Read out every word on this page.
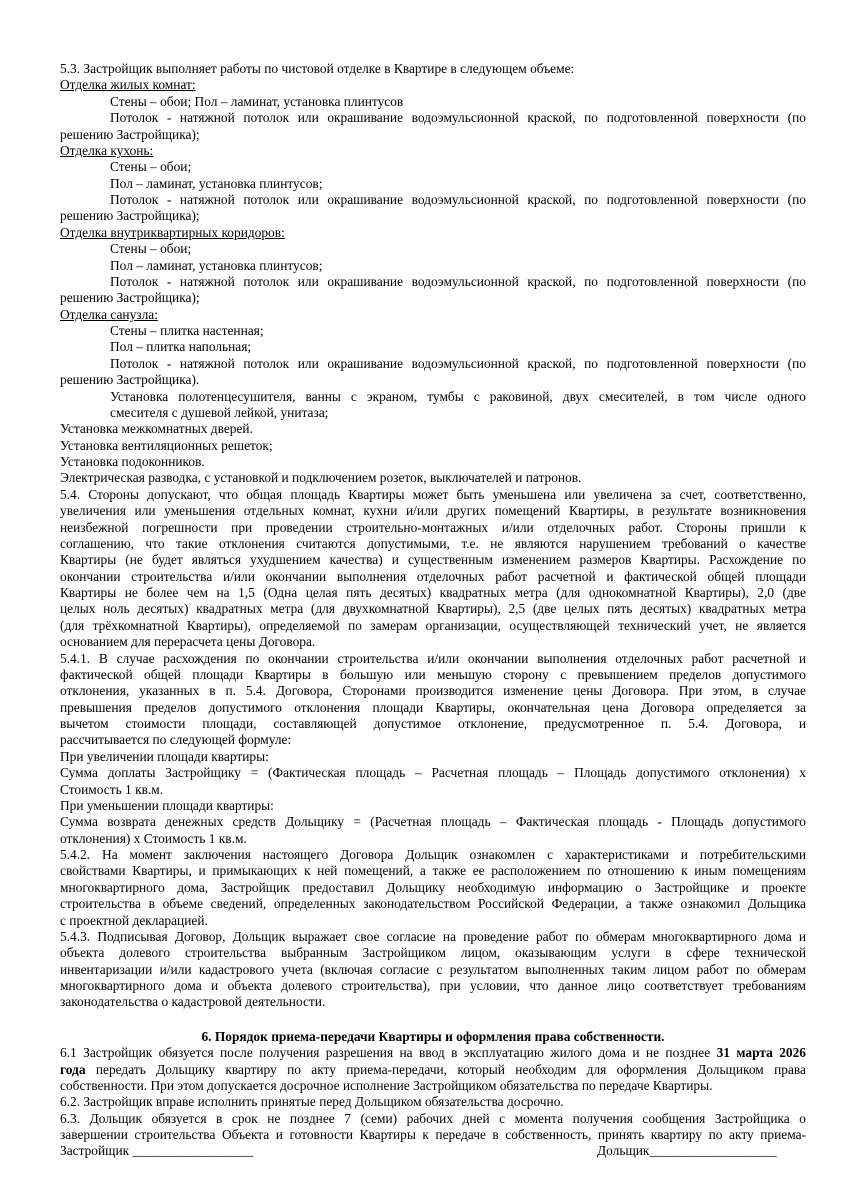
5.3. Застройщик выполняет работы по чистовой отделке в Квартире в следующем объеме:
Отделка жилых комнат:
Стены – обои; Пол – ламинат, установка плинтусов
Потолок - натяжной потолок или окрашивание водоэмульсионной краской, по подготовленной поверхности (по
решению Застройщика);
Отделка кухонь:
Стены – обои;
Пол – ламинат, установка плинтусов;
Потолок - натяжной потолок или окрашивание водоэмульсионной краской, по подготовленной поверхности (по
решению Застройщика);
Отделка внутриквартирных коридоров:
Стены – обои;
Пол – ламинат, установка плинтусов;
Потолок - натяжной потолок или окрашивание водоэмульсионной краской, по подготовленной поверхности (по
решению Застройщика);
Отделка санузла:
Стены – плитка настенная;
Пол – плитка напольная;
Потолок - натяжной потолок или окрашивание водоэмульсионной краской, по подготовленной поверхности (по
решению Застройщика).
Установка полотенцесушителя, ванны с экраном, тумбы с раковиной, двух смесителей, в том числе одного
смесителя с душевой лейкой, унитаза;
Установка межкомнатных дверей.
Установка вентиляционных решеток;
Установка подоконников.
Электрическая разводка, с установкой и подключением розеток, выключателей и патронов.
5.4. Стороны допускают, что общая площадь Квартиры может быть уменьшена или увеличена за счет, соответственно,
увеличения или уменьшения отдельных комнат, кухни и/или других помещений Квартиры, в результате возникновения
неизбежной погрешности при проведении строительно-монтажных и/или отделочных работ. Стороны пришли к
соглашению, что такие отклонения считаются допустимыми, т.е. не являются нарушением требований о качестве
Квартиры (не будет являться ухудшением качества) и существенным изменением размеров Квартиры. Расхождение по
окончании строительства и/или окончании выполнения отделочных работ расчетной и фактической общей площади
Квартиры не более чем на 1,5 (Одна целая пять десятых) квадратных метра (для однокомнатной Квартиры), 2,0 (две
целых ноль десятых) квадратных метра (для двухкомнатной Квартиры), 2,5 (две целых пять десятых) квадратных метра
(для трёхкомнатной Квартиры), определяемой по замерам организации, осуществляющей технический учет, не является
основанием для перерасчета цены Договора.
5.4.1. В случае расхождения по окончании строительства и/или окончании выполнения отделочных работ расчетной и
фактической общей площади Квартиры в большую или меньшую сторону с превышением пределов допустимого
отклонения, указанных в п. 5.4. Договора, Сторонами производится изменение цены Договора. При этом, в случае
превышения пределов допустимого отклонения площади Квартиры, окончательная цена Договора определяется за
вычетом стоимости площади, составляющей допустимое отклонение, предусмотренное п. 5.4. Договора, и
рассчитывается по следующей формуле:
При увеличении площади квартиры:
Сумма доплаты Застройщику = (Фактическая площадь – Расчетная площадь – Площадь допустимого отклонения) x
Стоимость 1 кв.м.
При уменьшении площади квартиры:
Сумма возврата денежных средств Дольщику = (Расчетная площадь – Фактическая площадь - Площадь допустимого
отклонения) x Стоимость 1 кв.м.
5.4.2. На момент заключения настоящего Договора Дольщик ознакомлен с характеристиками и потребительскими
свойствами Квартиры, и примыкающих к ней помещений, а также ее расположением по отношению к иным помещениям
многоквартирного дома, Застройщик предоставил Дольщику необходимую информацию о Застройщике и проекте
строительства в объеме сведений, определенных законодательством Российской Федерации, а также ознакомил Дольщика
с проектной декларацией.
5.4.3. Подписывая Договор, Дольщик выражает свое согласие на проведение работ по обмерам многоквартирного дома и
объекта долевого строительства выбранным Застройщиком лицом, оказывающим услуги в сфере технической
инвентаризации и/или кадастрового учета (включая согласие с результатом выполненных таким лицом работ по обмерам
многоквартирного дома и объекта долевого строительства), при условии, что данное лицо соответствует требованиям
законодательства о кадастровой деятельности.
6. Порядок приема-передачи Квартиры и оформления права собственности.
6.1 Застройщик обязуется после получения разрешения на ввод в эксплуатацию жилого дома и не позднее 31 марта 2026
года передать Дольщику квартиру по акту приема-передачи, который необходим для оформления Дольщиком права
собственности. При этом допускается досрочное исполнение Застройщиком обязательства по передаче Квартиры.
6.2. Застройщик вправе исполнить принятые перед Дольщиком обязательства досрочно.
6.3. Дольщик обязуется в срок не позднее 7 (семи) рабочих дней с момента получения сообщения Застройщика о
завершении строительства Объекта и готовности Квартиры к передаче в собственность, принять квартиру по акту приема-
Застройщик __________________	Дольщик___________________
